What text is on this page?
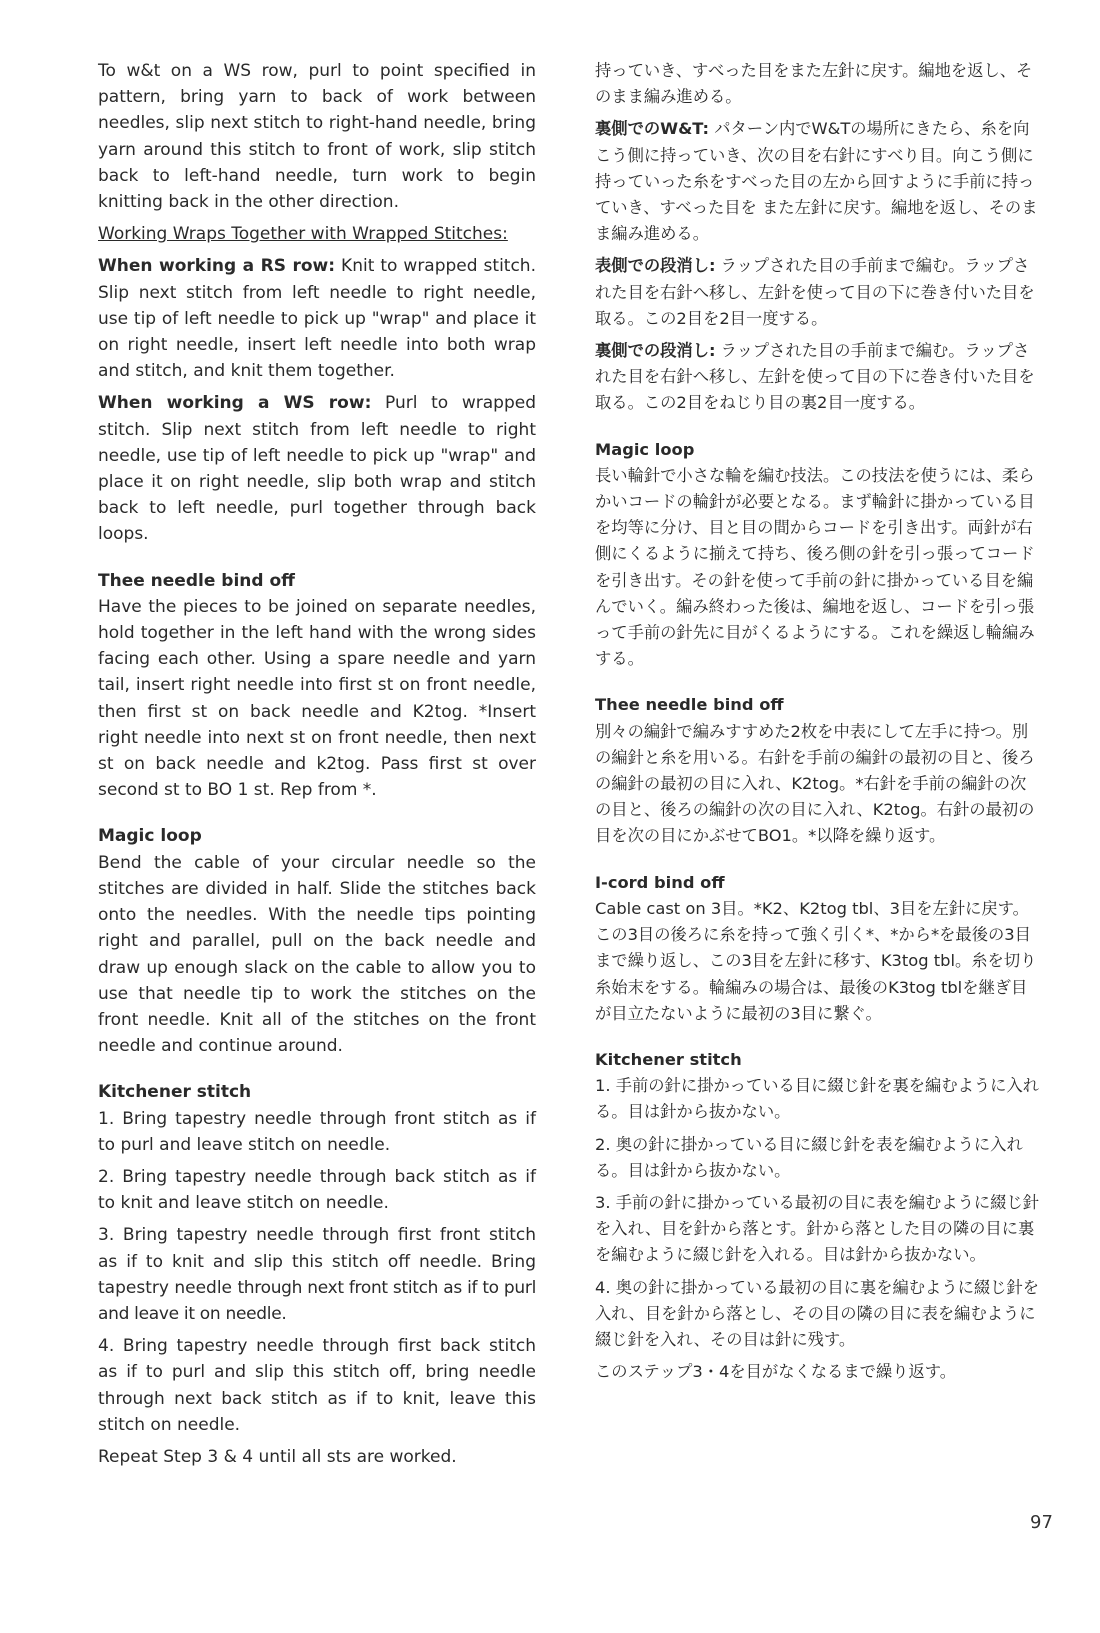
To w&t on a WS row, purl to point specified in pattern, bring yarn to back of work between needles, slip next stitch to right-hand needle, bring yarn around this stitch to front of work, slip stitch back to left-hand needle, turn work to begin knitting back in the other direction.

Working Wraps Together with Wrapped Stitches:

When working a RS row: Knit to wrapped stitch. Slip next stitch from left needle to right needle, use tip of left needle to pick up "wrap" and place it on right needle, insert left needle into both wrap and stitch, and knit them together.

When working a WS row: Purl to wrapped stitch. Slip next stitch from left needle to right needle, use tip of left needle to pick up "wrap" and place it on right needle, slip both wrap and stitch back to left needle, purl together through back loops.

Thee needle bind off

Have the pieces to be joined on separate needles, hold together in the left hand with the wrong sides facing each other. Using a spare needle and yarn tail, insert right needle into first st on front needle, then first st on back needle and K2tog. *Insert right needle into next st on front needle, then next st on back needle and k2tog. Pass first st over second st to BO 1 st. Rep from *.

Magic loop

Bend the cable of your circular needle so the stitches are divided in half. Slide the stitches back onto the needles. With the needle tips pointing right and parallel, pull on the back needle and draw up enough slack on the cable to allow you to use that needle tip to work the stitches on the front needle. Knit all of the stitches on the front needle and continue around.

Kitchener stitch

1. Bring tapestry needle through front stitch as if to purl and leave stitch on needle.

2. Bring tapestry needle through back stitch as if to knit and leave stitch on needle.

3. Bring tapestry needle through first front stitch as if to knit and slip this stitch off needle. Bring tapestry needle through next front stitch as if to purl and leave it on needle.

4. Bring tapestry needle through first back stitch as if to purl and slip this stitch off, bring needle through next back stitch as if to knit, leave this stitch on needle.

Repeat Step 3 & 4 until all sts are worked.

持っていき、すべった目をまた左針に戻す。編地を返し、そのまま編み進める。

裏側でのW&T: パターン内でW&Tの場所にきたら、糸を向こう側に持っていき、次の目を右針にすべり目。向こう側に持っていった糸をすべった目の左から回すように手前に持っていき、すべった目を また左針に戻す。編地を返し、そのまま編み進める。

表側での段消し: ラップされた目の手前まで編む。ラップされた目を右針へ移し、左針を使って目の下に巻き付いた目を取る。この2目を2目一度する。

裏側での段消し: ラップされた目の手前まで編む。ラップされた目を右針へ移し、左針を使って目の下に巻き付いた目を取る。この2目をねじり目の裏2目一度する。

Magic loop

長い輪針で小さな輪を編む技法。この技法を使うには、柔らかいコードの輪針が必要となる。まず輪針に掛かっている目を均等に分け、目と目の間からコードを引き出す。両針が右側にくるように揃えて持ち、後ろ側の針を引っ張ってコードを引き出す。その針を使って手前の針に掛かっている目を編んでいく。編み終わった後は、編地を返し、コードを引っ張って手前の針先に目がくるようにする。これを繰返し輪編みする。

Thee needle bind off

別々の編針で編みすすめた2枚を中表にして左手に持つ。別の編針と糸を用いる。右針を手前の編針の最初の目と、後ろの編針の最初の目に入れ、K2tog。*右針を手前の編針の次の目と、後ろの編針の次の目に入れ、K2tog。右針の最初の目を次の目にかぶせてBO1。*以降を繰り返す。

I-cord bind off

Cable cast on 3目。*K2、K2tog tbl、3目を左針に戻す。この3目の後ろに糸を持って強く引く*、*から*を最後の3目まで繰り返し、この3目を左針に移す、K3tog tbl。糸を切り糸始末をする。輪編みの場合は、最後のK3tog tblを継ぎ目が目立たないように最初の3目に繋ぐ。

Kitchener stitch

1. 手前の針に掛かっている目に綴じ針を裏を編むように入れる。目は針から抜かない。

2. 奥の針に掛かっている目に綴じ針を表を編むように入れる。目は針から抜かない。

3. 手前の針に掛かっている最初の目に表を編むように綴じ針を入れ、目を針から落とす。針から落とした目の隣の目に裏を編むように綴じ針を入れる。目は針から抜かない。

4. 奥の針に掛かっている最初の目に裏を編むように綴じ針を入れ、目を針から落とし、その目の隣の目に表を編むように綴じ針を入れ、その目は針に残す。

このステップ3・4を目がなくなるまで繰り返す。

97
